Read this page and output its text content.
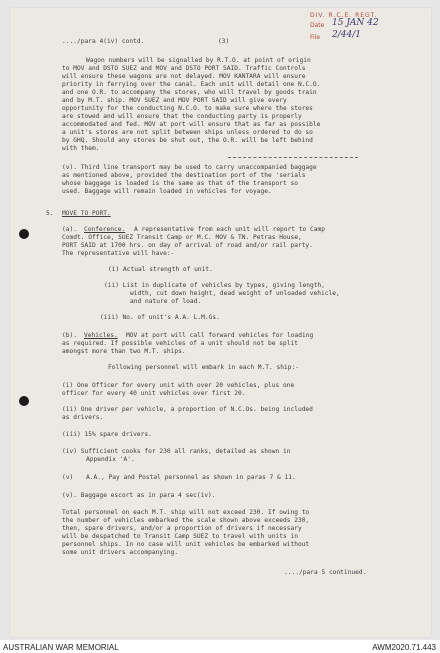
DIV. R.C.E. REGT.
Date 15 JAN 42
File 2/44/1
..../para 4(iv) contd.	(3)
Wagon numbers will be signalled by R.T.O. at point of origin
to MOV and DSTO SUEZ and MOV and DSTO PORT SAID. Traffic Controls
will ensure these wagons are not delayed. MOV KANTARA will ensure
priority in ferrying over the canal. Each unit will detail one N.C.O.
and one O.R. to accompany the stores, who will travel by goods train
and by M.T. ship. MOV SUEZ and MOV PORT SAID will give every
opportunity for the conducting N.C.O. to make sure where the stores
are stowed and will ensure that the conducting party is properly
accommodated and fed. MOV at port will ensure that as far as possible
a unit's stores are not split between ships unless ordered to do so
by GHQ. Should any stores be shut out, the O.R. will be left behind
with them.
(v). Third line transport may be used to carry unaccompanied baggage
as mentioned above, provided the destination port of the 'serials
whose baggage is loaded is the same as that of the transport so
used. Baggage will remain loaded in vehicles for voyage.
5. MOVE TO PORT.
(a). Conference. A representative from each unit will report to Camp
Comdt. Office, SUEZ Transit Camp or M.C. MOV & TN. Petras House,
PORT SAID at 1700 hrs. on day of arrival of road and/or rail party.
The representative will have:-
(i) Actual strength of unit.
(ii) List in duplicate of vehicles by types, giving length,
width, cut down height, dead weight of unloaded vehicle,
and nature of load.
(iii) No. of unit's A.A. L.M.Gs.
(b). Vehicles. MOV at port will call forward vehicles for loading
as required. If possible vehicles of a unit should not be split
amongst more than two M.T. ships.
Following personnel will embark in each M.T. ship:-
(i) One Officer for every unit with over 20 vehicles, plus one
officer for every 40 unit vehicles over first 20.
(ii) One driver per vehicle, a proportion of N.C.Os. being included
as drivers.
(iii) 15% spare drivers.
(iv) Sufficient cooks for 230 all ranks, detailed as shown in
Appendix 'A'.
(v) A.A., Pay and Postal personnel as shown in paras 7 & 11.
(v). Baggage escort as in para 4 sec(iv).
Total personnel on each M.T. ship will not exceed 230. If owing to
the number of vehicles embarked the scale shown above exceeds 230,
then, spare drivers, and/or a proportion of drivers if necessary
will be despatched to Transit Camp SUEZ to travel with units in
personnel ships. In no case will unit vehicles be embarked without
some unit drivers accompanying.
..../para 5 continued.
AUSTRALIAN WAR MEMORIAL	AWM2020.71.443
